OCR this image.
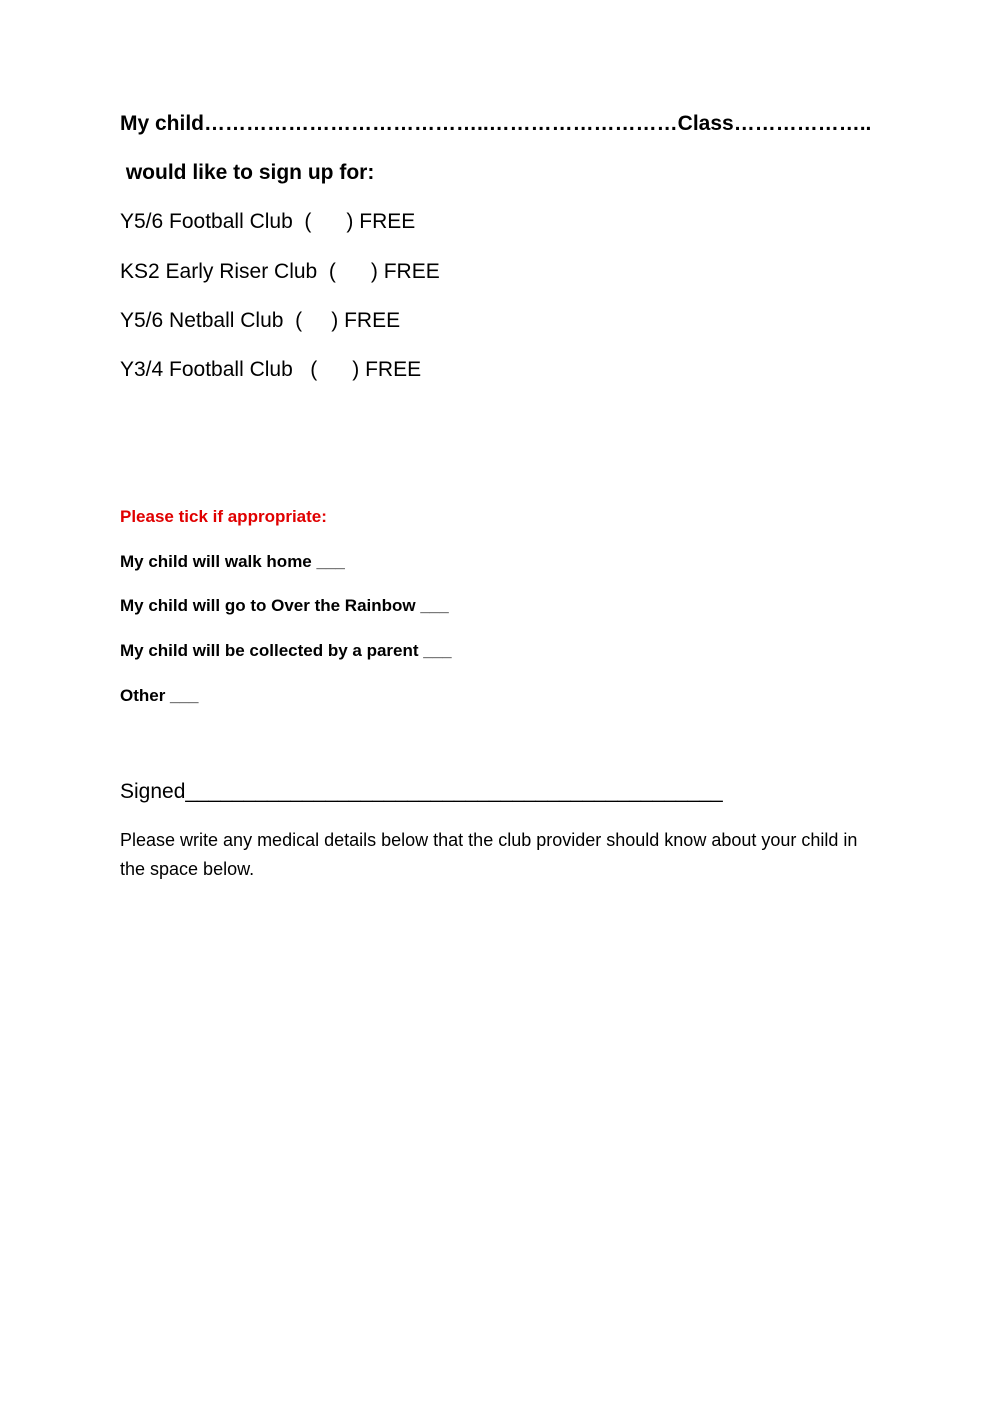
My child…………………………………..………………………Class………………..
would like to sign up for:
Y5/6 Football Club  (      ) FREE
KS2 Early Riser Club  (      ) FREE
Y5/6 Netball Club  (     ) FREE
Y3/4 Football Club   (      ) FREE
Please tick if appropriate:
My child will walk home ___
My child will go to Over the Rainbow ___
My child will be collected by a parent ___
Other ___
Signed______________________________________________
Please write any medical details below that the club provider should know about your child in the space below.
